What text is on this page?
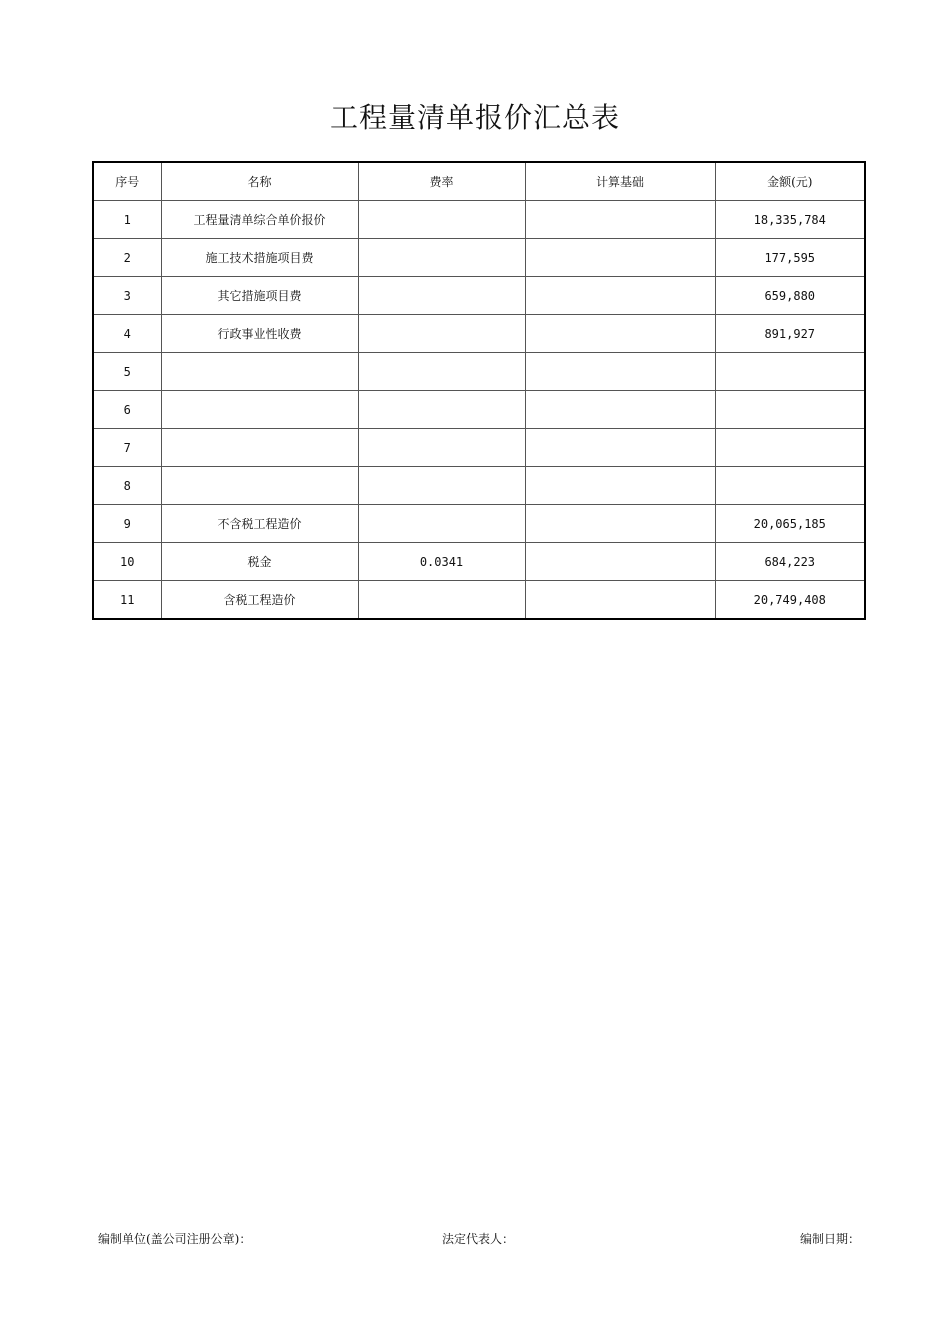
工程量清单报价汇总表
序号	名称	费率	计算基础	金额(元)
1	工程量清单综合单价报价			18,335,784
2	施工技术措施项目费			177,595
3	其它措施项目费			659,880
4	行政事业性收费			891,927
5				
6				
7				
8				
9	不含税工程造价			20,065,185
10	税金	0.0341		684,223
11	含税工程造价			20,749,408
编制单位(盖公司注册公章)：	法定代表人：	编制日期：
